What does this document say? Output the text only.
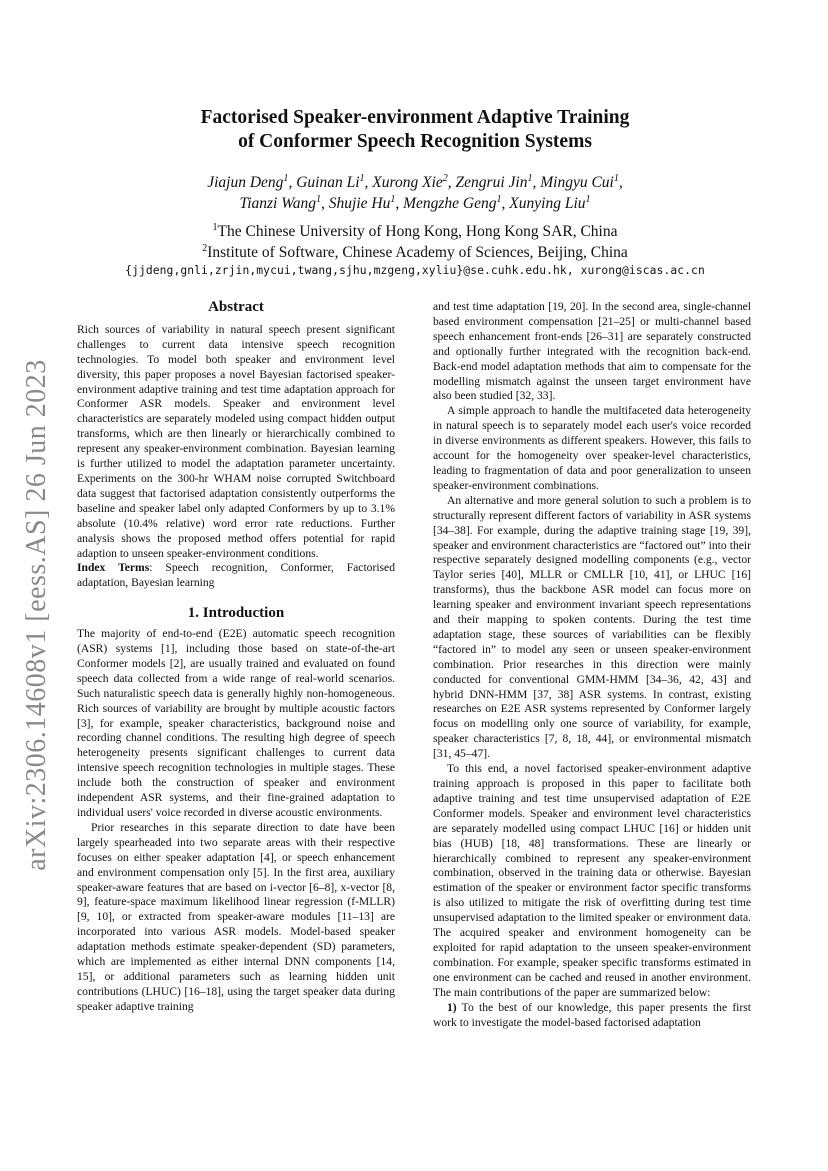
arXiv:2306.14608v1 [eess.AS] 26 Jun 2023
Factorised Speaker-environment Adaptive Training
of Conformer Speech Recognition Systems
Jiajun Deng$^1$, Guinan Li$^1$, Xurong Xie$^2$, Zengrui Jin$^1$, Mingyu Cui$^1$,
Tianzi Wang$^1$, Shujie Hu$^1$, Mengzhe Geng$^1$, Xunying Liu$^1$
$^1$The Chinese University of Hong Kong, Hong Kong SAR, China
$^2$Institute of Software, Chinese Academy of Sciences, Beijing, China
{jjdeng,gnli,zrjin,mycui,twang,sjhu,mzgeng,xyliu}@se.cuhk.edu.hk, xurong@iscas.ac.cn
Abstract

Rich sources of variability in natural speech present significant challenges to current data intensive speech recognition technologies. To model both speaker and environment level diversity, this paper proposes a novel Bayesian factorised speaker-environment adaptive training and test time adaptation approach for Conformer ASR models. Speaker and environment level characteristics are separately modeled using compact hidden output transforms, which are then linearly or hierarchically combined to represent any speaker-environment combination. Bayesian learning is further utilized to model the adaptation parameter uncertainty. Experiments on the 300-hr WHAM noise corrupted Switchboard data suggest that factorised adaptation consistently outperforms the baseline and speaker label only adapted Conformers by up to 3.1% absolute (10.4% relative) word error rate reductions. Further analysis shows the proposed method offers potential for rapid adaption to unseen speaker-environment conditions.

Index Terms: Speech recognition, Conformer, Factorised adaptation, Bayesian learning

1. Introduction

The majority of end-to-end (E2E) automatic speech recognition (ASR) systems [1], including those based on state-of-the-art Conformer models [2], are usually trained and evaluated on found speech data collected from a wide range of real-world scenarios. Such naturalistic speech data is generally highly non-homogeneous. Rich sources of variability are brought by multiple acoustic factors [3], for example, speaker characteristics, background noise and recording channel conditions. The resulting high degree of speech heterogeneity presents significant challenges to current data intensive speech recognition technologies in multiple stages. These include both the construction of speaker and environment independent ASR systems, and their fine-grained adaptation to individual users' voice recorded in diverse acoustic environments.

Prior researches in this separate direction to date have been largely spearheaded into two separate areas with their respective focuses on either speaker adaptation [4], or speech enhancement and environment compensation only [5]. In the first area, auxiliary speaker-aware features that are based on i-vector [6–8], x-vector [8, 9], feature-space maximum likelihood linear regression (f-MLLR) [9, 10], or extracted from speaker-aware modules [11–13] are incorporated into various ASR models. Model-based speaker adaptation methods estimate speaker-dependent (SD) parameters, which are implemented as either internal DNN components [14, 15], or additional parameters such as learning hidden unit contributions (LHUC) [16–18], using the target speaker data during speaker adaptive training

and test time adaptation [19, 20]. In the second area, single-channel based environment compensation [21–25] or multi-channel based speech enhancement front-ends [26–31] are separately constructed and optionally further integrated with the recognition back-end. Back-end model adaptation methods that aim to compensate for the modelling mismatch against the unseen target environment have also been studied [32, 33].

A simple approach to handle the multifaceted data heterogeneity in natural speech is to separately model each user's voice recorded in diverse environments as different speakers. However, this fails to account for the homogeneity over speaker-level characteristics, leading to fragmentation of data and poor generalization to unseen speaker-environment combinations.

An alternative and more general solution to such a problem is to structurally represent different factors of variability in ASR systems [34–38]. For example, during the adaptive training stage [19, 39], speaker and environment characteristics are “factored out” into their respective separately designed modelling components (e.g., vector Taylor series [40], MLLR or CMLLR [10, 41], or LHUC [16] transforms), thus the backbone ASR model can focus more on learning speaker and environment invariant speech representations and their mapping to spoken contents. During the test time adaptation stage, these sources of variabilities can be flexibly “factored in” to model any seen or unseen speaker-environment combination. Prior researches in this direction were mainly conducted for conventional GMM-HMM [34–36, 42, 43] and hybrid DNN-HMM [37, 38] ASR systems. In contrast, existing researches on E2E ASR systems represented by Conformer largely focus on modelling only one source of variability, for example, speaker characteristics [7, 8, 18, 44], or environmental mismatch [31, 45–47].

To this end, a novel factorised speaker-environment adaptive training approach is proposed in this paper to facilitate both adaptive training and test time unsupervised adaptation of E2E Conformer models. Speaker and environment level characteristics are separately modelled using compact LHUC [16] or hidden unit bias (HUB) [18, 48] transformations. These are linearly or hierarchically combined to represent any speaker-environment combination, observed in the training data or otherwise. Bayesian estimation of the speaker or environment factor specific transforms is also utilized to mitigate the risk of overfitting during test time unsupervised adaptation to the limited speaker or environment data. The acquired speaker and environment homogeneity can be exploited for rapid adaptation to the unseen speaker-environment combination. For example, speaker specific transforms estimated in one environment can be cached and reused in another environment. The main contributions of the paper are summarized below:

1) To the best of our knowledge, this paper presents the first work to investigate the model-based factorised adaptation
